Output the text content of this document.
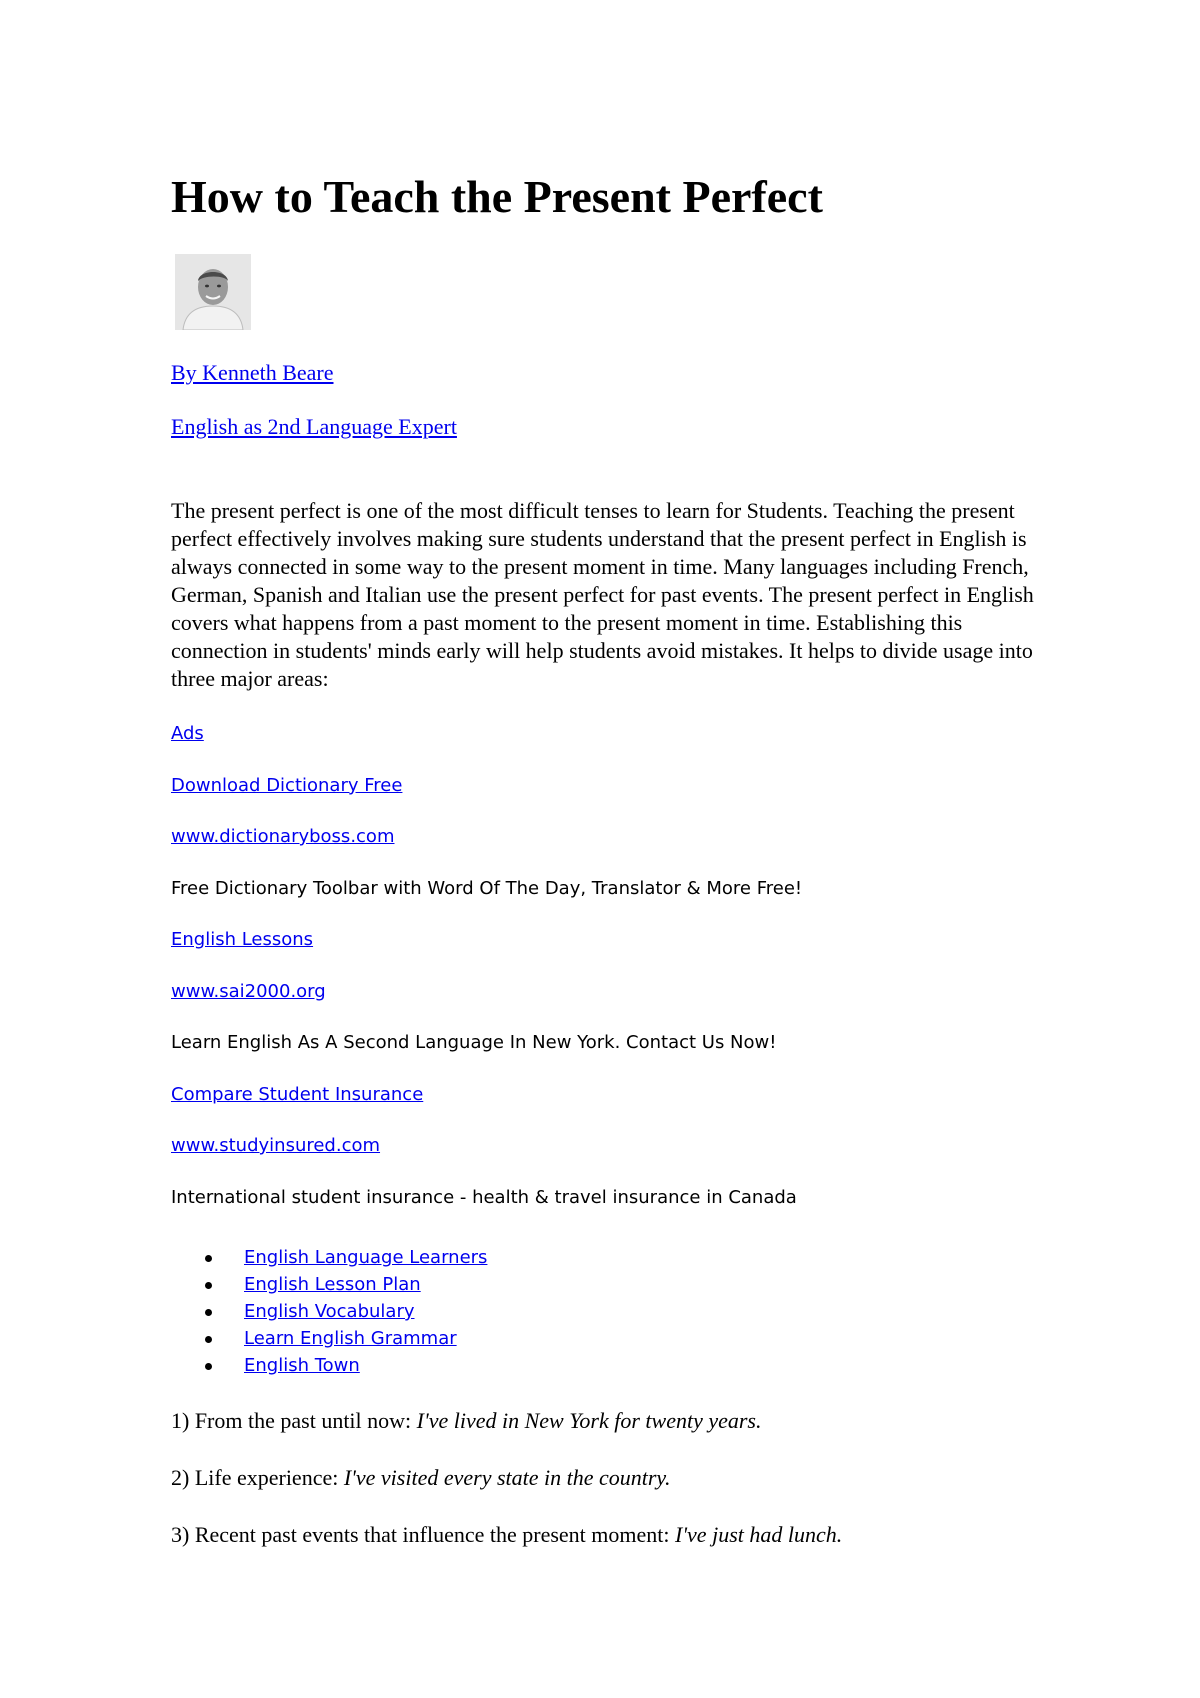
How to Teach the Present Perfect
By Kenneth Beare
English as 2nd Language Expert

The present perfect is one of the most difficult tenses to learn for Students. Teaching the present perfect effectively involves making sure students understand that the present perfect in English is always connected in some way to the present moment in time. Many languages including French, German, Spanish and Italian use the present perfect for past events. The present perfect in English covers what happens from a past moment to the present moment in time. Establishing this connection in students' minds early will help students avoid mistakes. It helps to divide usage into three major areas:

Ads
Download Dictionary Free
www.dictionaryboss.com
Free Dictionary Toolbar with Word Of The Day, Translator & More Free!
English Lessons
www.sai2000.org
Learn English As A Second Language In New York. Contact Us Now!
Compare Student Insurance
www.studyinsured.com
International student insurance - health & travel insurance in Canada
English Language Learners
English Lesson Plan
English Vocabulary
Learn English Grammar
English Town
1) From the past until now: I've lived in New York for twenty years.
2) Life experience: I've visited every state in the country.
3) Recent past events that influence the present moment: I've just had lunch.
